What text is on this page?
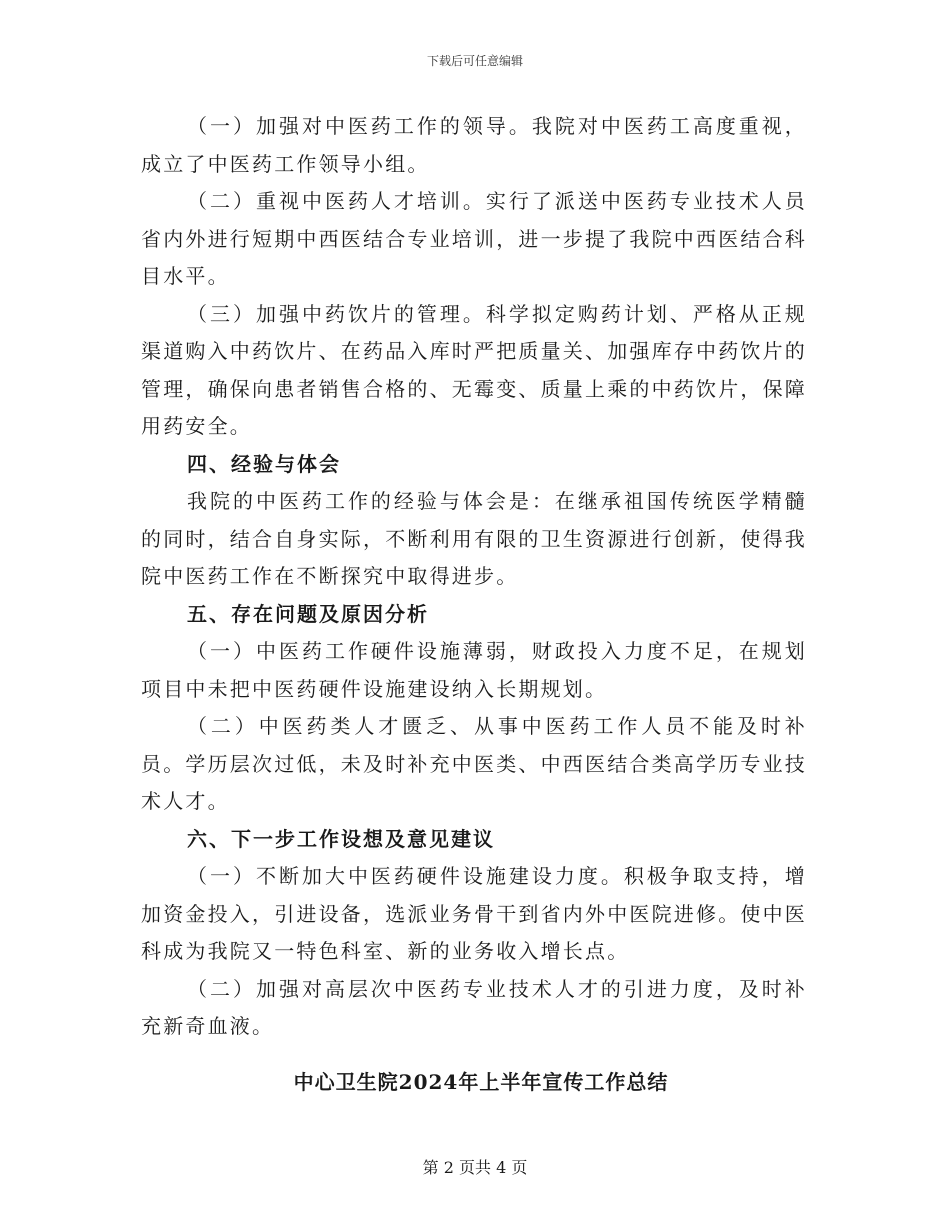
下载后可任意编辑

（一）加强对中医药工作的领导。我院对中医药工高度重视，成立了中医药工作领导小组。

（二）重视中医药人才培训。实行了派送中医药专业技术人员省内外进行短期中西医结合专业培训，进一步提了我院中西医结合科目水平。

（三）加强中药饮片的管理。科学拟定购药计划、严格从正规渠道购入中药饮片、在药品入库时严把质量关、加强库存中药饮片的管理，确保向患者销售合格的、无霉变、质量上乘的中药饮片，保障用药安全。

四、经验与体会

我院的中医药工作的经验与体会是：在继承祖国传统医学精髓的同时，结合自身实际，不断利用有限的卫生资源进行创新，使得我院中医药工作在不断探究中取得进步。

五、存在问题及原因分析

（一）中医药工作硬件设施薄弱，财政投入力度不足，在规划项目中未把中医药硬件设施建设纳入长期规划。

（二）中医药类人才匮乏、从事中医药工作人员不能及时补员。学历层次过低，未及时补充中医类、中西医结合类高学历专业技术人才。

六、下一步工作设想及意见建议

（一）不断加大中医药硬件设施建设力度。积极争取支持，增加资金投入，引进设备，选派业务骨干到省内外中医院进修。使中医科成为我院又一特色科室、新的业务收入增长点。

（二）加强对高层次中医药专业技术人才的引进力度，及时补充新奇血液。

中心卫生院2024年上半年宣传工作总结
第 2 页共 4 页
